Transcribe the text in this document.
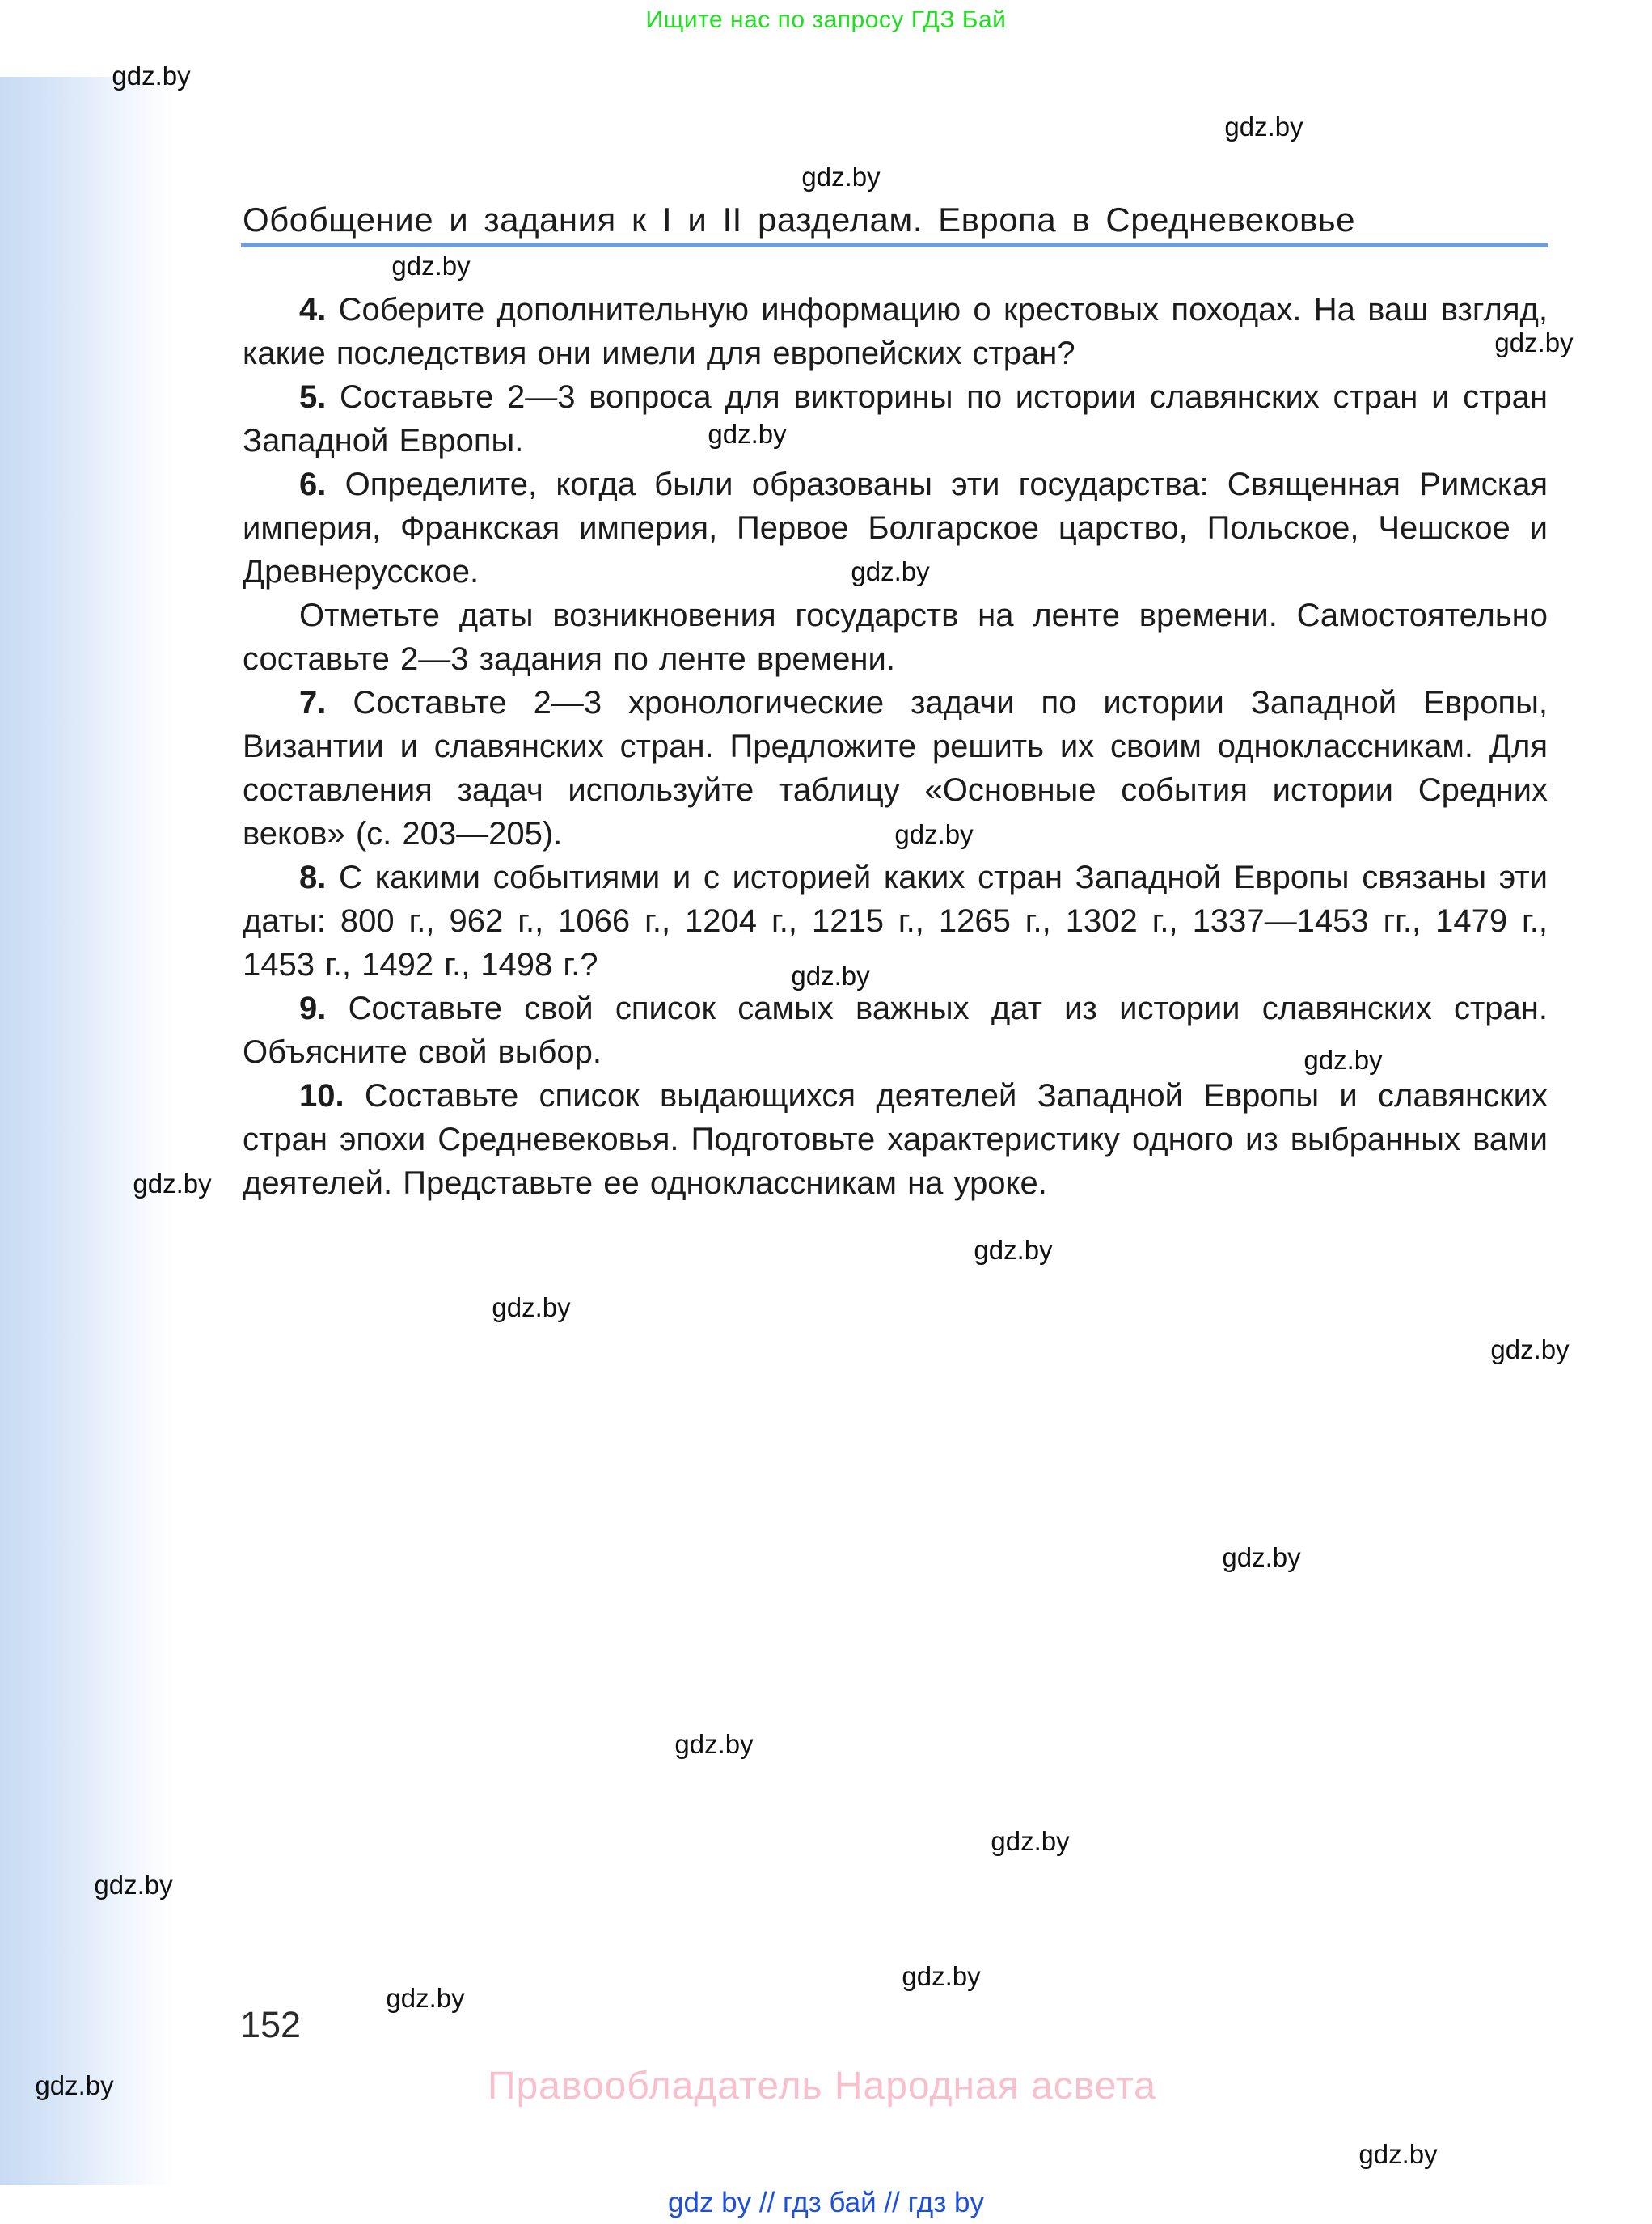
Ищите нас по запросу ГДЗ Бай
Обобщение и задания к I и II разделам. Европа в Средневековье

4. Соберите дополнительную информацию о крестовых походах. На ваш взгляд, какие последствия они имели для европейских стран?

5. Составьте 2—3 вопроса для викторины по истории славянских стран и стран Западной Европы.

6. Определите, когда были образованы эти государства: Священная Римская империя, Франкская империя, Первое Болгарское царство, Польское, Чешское и Древнерусское.

Отметьте даты возникновения государств на ленте времени. Самостоятельно составьте 2—3 задания по ленте времени.

7. Составьте 2—3 хронологические задачи по истории Западной Европы, Византии и славянских стран. Предложите решить их своим одноклассникам. Для составления задач используйте таблицу «Основные события истории Средних веков» (с. 203—205).

8. С какими событиями и с историей каких стран Западной Европы связаны эти даты: 800 г., 962 г., 1066 г., 1204 г., 1215 г., 1265 г., 1302 г., 1337—1453 гг., 1479 г., 1453 г., 1492 г., 1498 г.?

9. Составьте свой список самых важных дат из истории славянских стран. Объясните свой выбор.

10. Составьте список выдающихся деятелей Западной Европы и славянских стран эпохи Средневековья. Подготовьте характеристику одного из выбранных вами деятелей. Представьте ее одноклассникам на уроке.

gdz.by
gdz.by
gdz.by
gdz.by
gdz.by
gdz.by
gdz.by
gdz.by
gdz.by
gdz.by
gdz.by
gdz.by
gdz.by
gdz.by
gdz.by
gdz.by
gdz.by
gdz.by
gdz.by
gdz.by
gdz.by
gdz.by
152
Правообладатель Народная асвета
gdz by // гдз бай // гдз by
